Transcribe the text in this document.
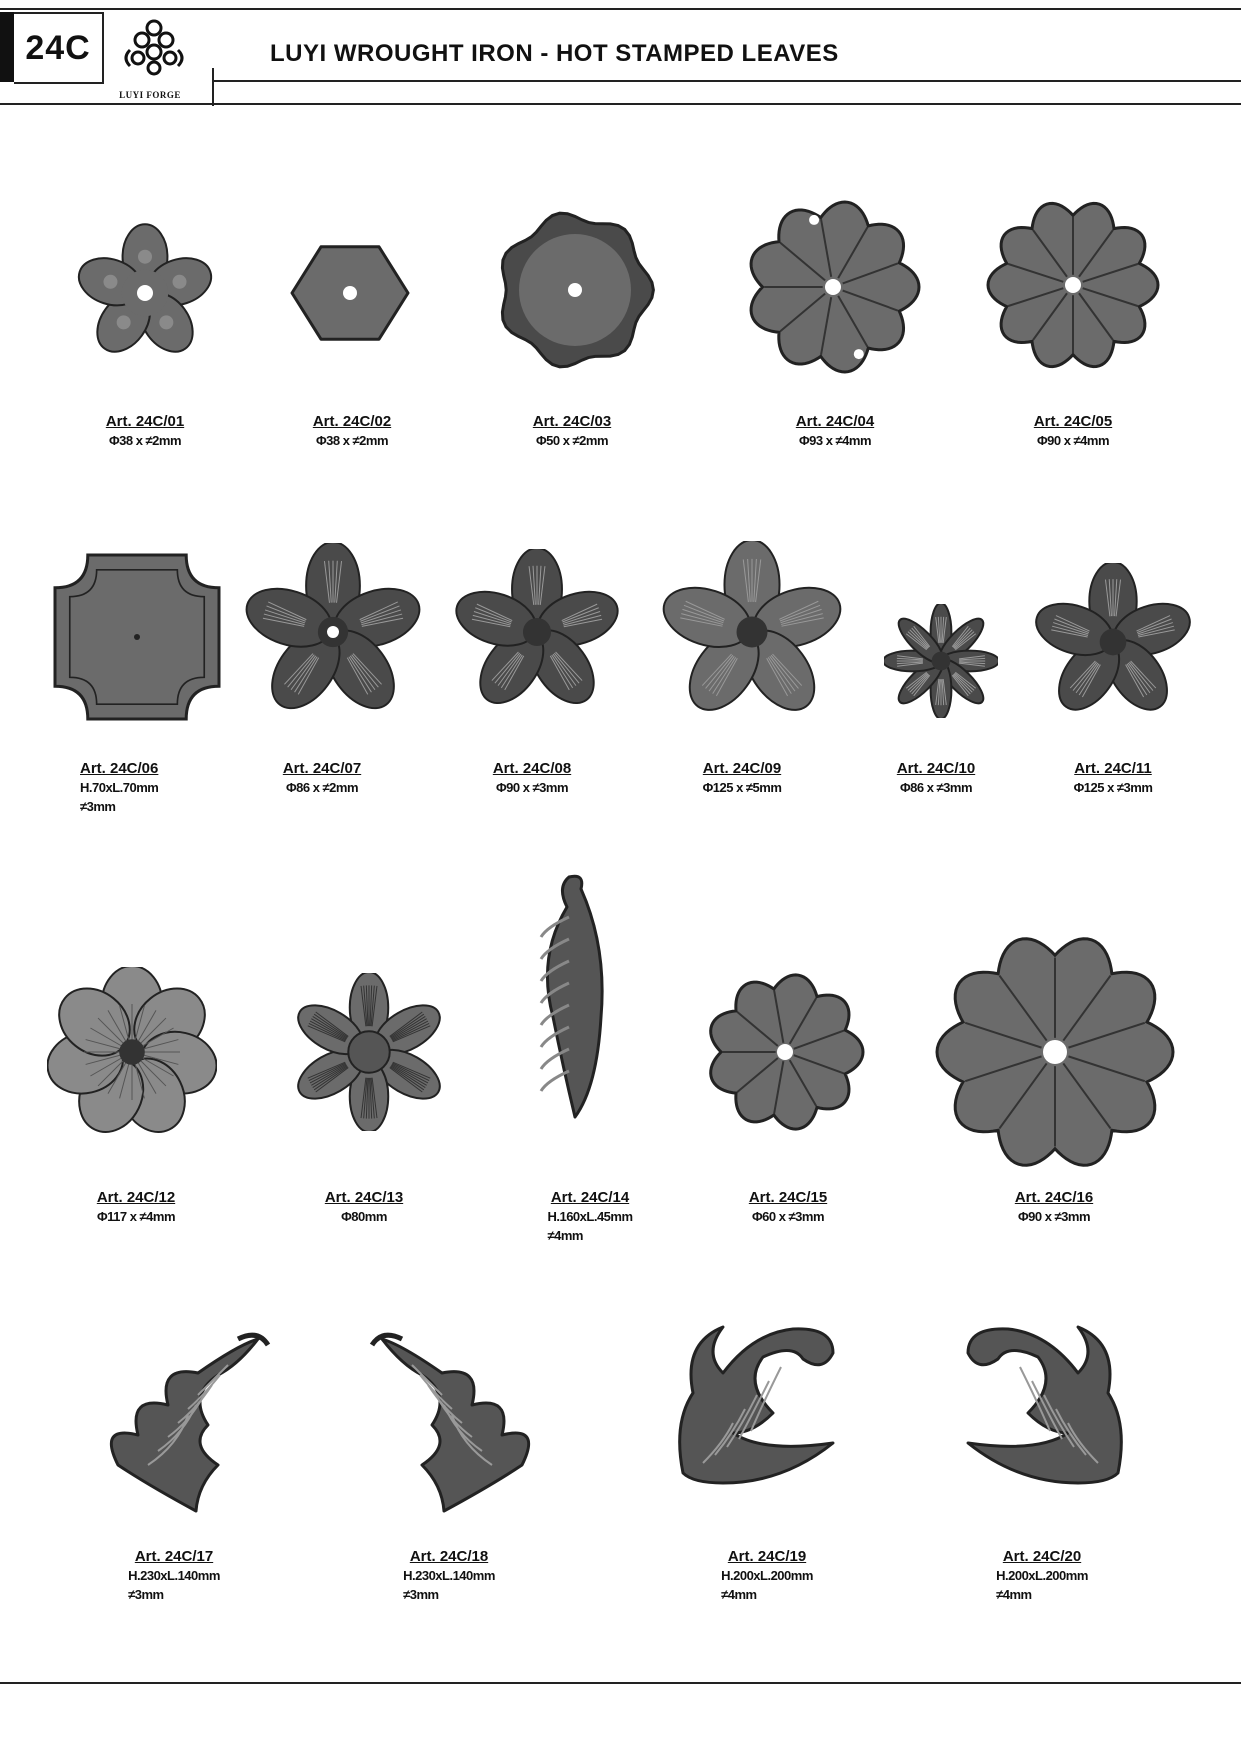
24C
LUYI FORGE
LUYI WROUGHT IRON - HOT STAMPED LEAVES
Art. 24C/01
Φ38 x ≠2mm
Art. 24C/02
Φ38 x ≠2mm
Art. 24C/03
Φ50 x ≠2mm
Art. 24C/04
Φ93 x ≠4mm
Art. 24C/05
Φ90 x ≠4mm
Art. 24C/06
H.70xL.70mm
≠3mm
Art. 24C/07
Φ86 x ≠2mm
Art. 24C/08
Φ90 x ≠3mm
Art. 24C/09
Φ125 x ≠5mm
Art. 24C/10
Φ86 x ≠3mm
Art. 24C/11
Φ125 x ≠3mm
Art. 24C/12
Φ117 x ≠4mm
Art. 24C/13
Φ80mm
Art. 24C/14
H.160xL.45mm
≠4mm
Art. 24C/15
Φ60 x ≠3mm
Art. 24C/16
Φ90 x ≠3mm
Art. 24C/17
H.230xL.140mm
≠3mm
Art. 24C/18
H.230xL.140mm
≠3mm
Art. 24C/19
H.200xL.200mm
≠4mm
Art. 24C/20
H.200xL.200mm
≠4mm
